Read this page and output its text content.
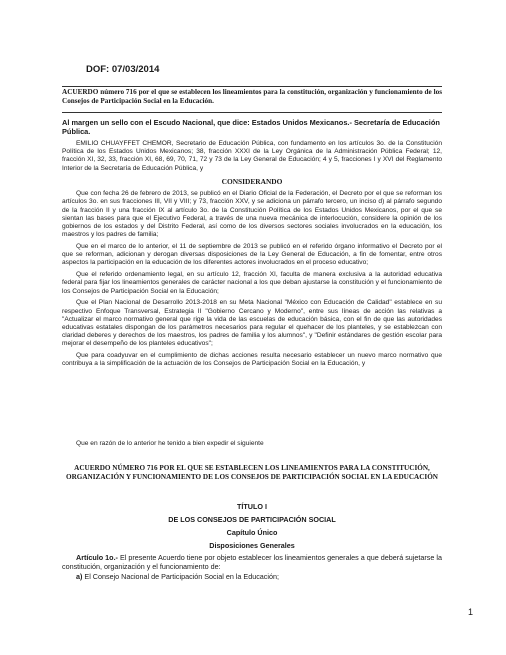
DOF: 07/03/2014
ACUERDO número 716 por el que se establecen los lineamientos para la constitución, organización y funcionamiento de los Consejos de Participación Social en la Educación.
Al margen un sello con el Escudo Nacional, que dice: Estados Unidos Mexicanos.- Secretaría de Educación Pública.

EMILIO CHUAYFFET CHEMOR, Secretario de Educación Pública, con fundamento en los artículos 3o. de la Constitución Política de los Estados Unidos Mexicanos; 38, fracción XXXI de la Ley Orgánica de la Administración Pública Federal; 12, fracción XI, 32, 33, fracción XI, 68, 69, 70, 71, 72 y 73 de la Ley General de Educación; 4 y 5, fracciones I y XVI del Reglamento Interior de la Secretaría de Educación Pública, y

CONSIDERANDO

Que con fecha 26 de febrero de 2013, se publicó en el Diario Oficial de la Federación, el Decreto por el que se reforman los artículos 3o. en sus fracciones III, VII y VIII; y 73, fracción XXV, y se adiciona un párrafo tercero, un inciso d) al párrafo segundo de la fracción II y una fracción IX al artículo 3o. de la Constitución Política de los Estados Unidos Mexicanos, por el que se sientan las bases para que el Ejecutivo Federal, a través de una nueva mecánica de interlocución, considere la opinión de los gobiernos de los estados y del Distrito Federal, así como de los diversos sectores sociales involucrados en la educación, los maestros y los padres de familia;

Que en el marco de lo anterior, el 11 de septiembre de 2013 se publicó en el referido órgano informativo el Decreto por el que se reforman, adicionan y derogan diversas disposiciones de la Ley General de Educación, a fin de fomentar, entre otros aspectos la participación en la educación de los diferentes actores involucrados en el proceso educativo;

Que el referido ordenamiento legal, en su artículo 12, fracción XI, faculta de manera exclusiva a la autoridad educativa federal para fijar los lineamientos generales de carácter nacional a los que deban ajustarse la constitución y el funcionamiento de los Consejos de Participación Social en la Educación;

Que el Plan Nacional de Desarrollo 2013-2018 en su Meta Nacional "México con Educación de Calidad" establece en su respectivo Enfoque Transversal, Estrategia II "Gobierno Cercano y Moderno", entre sus líneas de acción las relativas a "Actualizar el marco normativo general que rige la vida de las escuelas de educación básica, con el fin de que las autoridades educativas estatales dispongan de los parámetros necesarios para regular el quehacer de los planteles, y se establezcan con claridad deberes y derechos de los maestros, los padres de familia y los alumnos", y "Definir estándares de gestión escolar para mejorar el desempeño de los planteles educativos";

Que para coadyuvar en el cumplimiento de dichas acciones resulta necesario establecer un nuevo marco normativo que contribuya a la simplificación de la actuación de los Consejos de Participación Social en la Educación, y

Que en razón de lo anterior he tenido a bien expedir el siguiente

ACUERDO NÚMERO 716 POR EL QUE SE ESTABLECEN LOS LINEAMIENTOS PARA LA CONSTITUCIÓN, ORGANIZACIÓN Y FUNCIONAMIENTO DE LOS CONSEJOS DE PARTICIPACIÓN SOCIAL EN LA EDUCACIÓN
TÍTULO I
DE LOS CONSEJOS DE PARTICIPACIÓN SOCIAL
Capítulo Único
Disposiciones Generales
Artículo 1o.- El presente Acuerdo tiene por objeto establecer los lineamientos generales a que deberá sujetarse la constitución, organización y el funcionamiento de:
a) El Consejo Nacional de Participación Social en la Educación;
1
